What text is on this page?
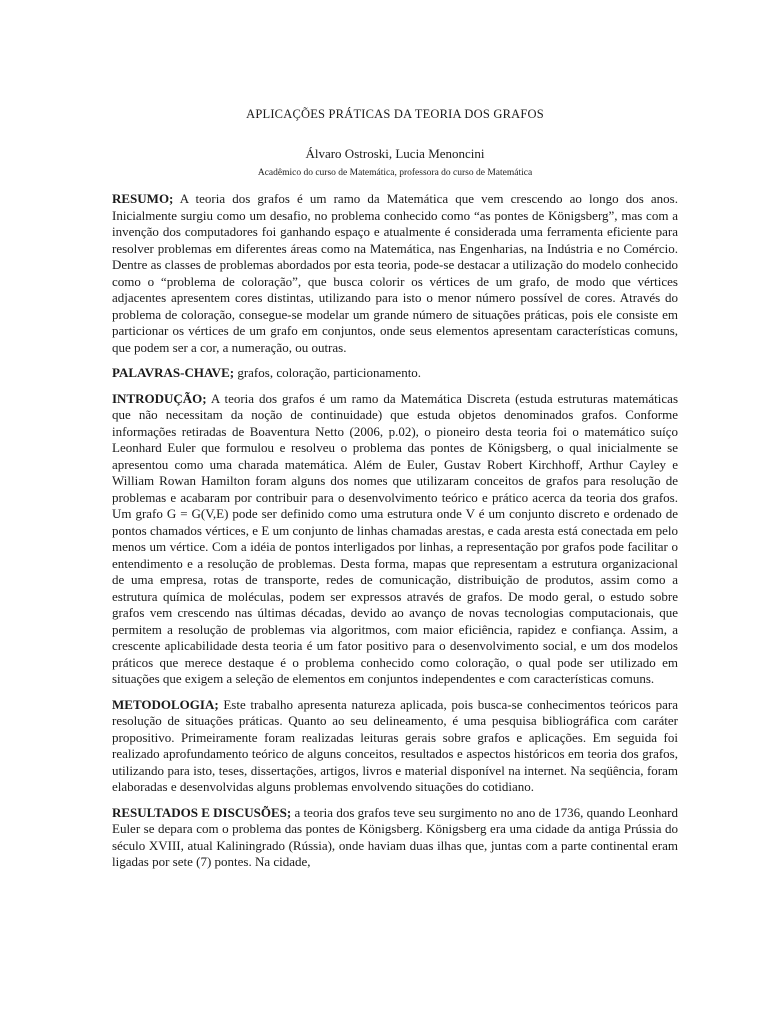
APLICAÇÕES PRÁTICAS DA TEORIA DOS GRAFOS
Álvaro Ostroski, Lucia Menoncini
Acadêmico do curso de Matemática, professora do curso de Matemática

RESUMO; A teoria dos grafos é um ramo da Matemática que vem crescendo ao longo dos anos. Inicialmente surgiu como um desafio, no problema conhecido como “as pontes de Königsberg”, mas com a invenção dos computadores foi ganhando espaço e atualmente é considerada uma ferramenta eficiente para resolver problemas em diferentes áreas como na Matemática, nas Engenharias, na Indústria e no Comércio. Dentre as classes de problemas abordados por esta teoria, pode-se destacar a utilização do modelo conhecido como o “problema de coloração”, que busca colorir os vértices de um grafo, de modo que vértices adjacentes apresentem cores distintas, utilizando para isto o menor número possível de cores. Através do problema de coloração, consegue-se modelar um grande número de situações práticas, pois ele consiste em particionar os vértices de um grafo em conjuntos, onde seus elementos apresentam características comuns, que podem ser a cor, a numeração, ou outras.

PALAVRAS-CHAVE; grafos, coloração, particionamento.

INTRODUÇÃO; A teoria dos grafos é um ramo da Matemática Discreta (estuda estruturas matemáticas que não necessitam da noção de continuidade) que estuda objetos denominados grafos. Conforme informações retiradas de Boaventura Netto (2006, p.02), o pioneiro desta teoria foi o matemático suíço Leonhard Euler que formulou e resolveu o problema das pontes de Königsberg, o qual inicialmente se apresentou como uma charada matemática. Além de Euler, Gustav Robert Kirchhoff, Arthur Cayley e William Rowan Hamilton foram alguns dos nomes que utilizaram conceitos de grafos para resolução de problemas e acabaram por contribuir para o desenvolvimento teórico e prático acerca da teoria dos grafos. Um grafo G = G(V,E) pode ser definido como uma estrutura onde V é um conjunto discreto e ordenado de pontos chamados vértices, e E um conjunto de linhas chamadas arestas, e cada aresta está conectada em pelo menos um vértice. Com a idéia de pontos interligados por linhas, a representação por grafos pode facilitar o entendimento e a resolução de problemas. Desta forma, mapas que representam a estrutura organizacional de uma empresa, rotas de transporte, redes de comunicação, distribuição de produtos, assim como a estrutura química de moléculas, podem ser expressos através de grafos. De modo geral, o estudo sobre grafos vem crescendo nas últimas décadas, devido ao avanço de novas tecnologias computacionais, que permitem a resolução de problemas via algoritmos, com maior eficiência, rapidez e confiança. Assim, a crescente aplicabilidade desta teoria é um fator positivo para o desenvolvimento social, e um dos modelos práticos que merece destaque é o problema conhecido como coloração, o qual pode ser utilizado em situações que exigem a seleção de elementos em conjuntos independentes e com características comuns.

METODOLOGIA; Este trabalho apresenta natureza aplicada, pois busca-se conhecimentos teóricos para resolução de situações práticas. Quanto ao seu delineamento, é uma pesquisa bibliográfica com caráter propositivo. Primeiramente foram realizadas leituras gerais sobre grafos e aplicações. Em seguida foi realizado aprofundamento teórico de alguns conceitos, resultados e aspectos históricos em teoria dos grafos, utilizando para isto, teses, dissertações, artigos, livros e material disponível na internet. Na seqüência, foram elaboradas e desenvolvidas alguns problemas envolvendo situações do cotidiano.

RESULTADOS E DISCUSÕES; a teoria dos grafos teve seu surgimento no ano de 1736, quando Leonhard Euler se depara com o problema das pontes de Königsberg. Königsberg era uma cidade da antiga Prússia do século XVIII, atual Kaliningrado (Rússia), onde haviam duas ilhas que, juntas com a parte continental eram ligadas por sete (7) pontes. Na cidade,
